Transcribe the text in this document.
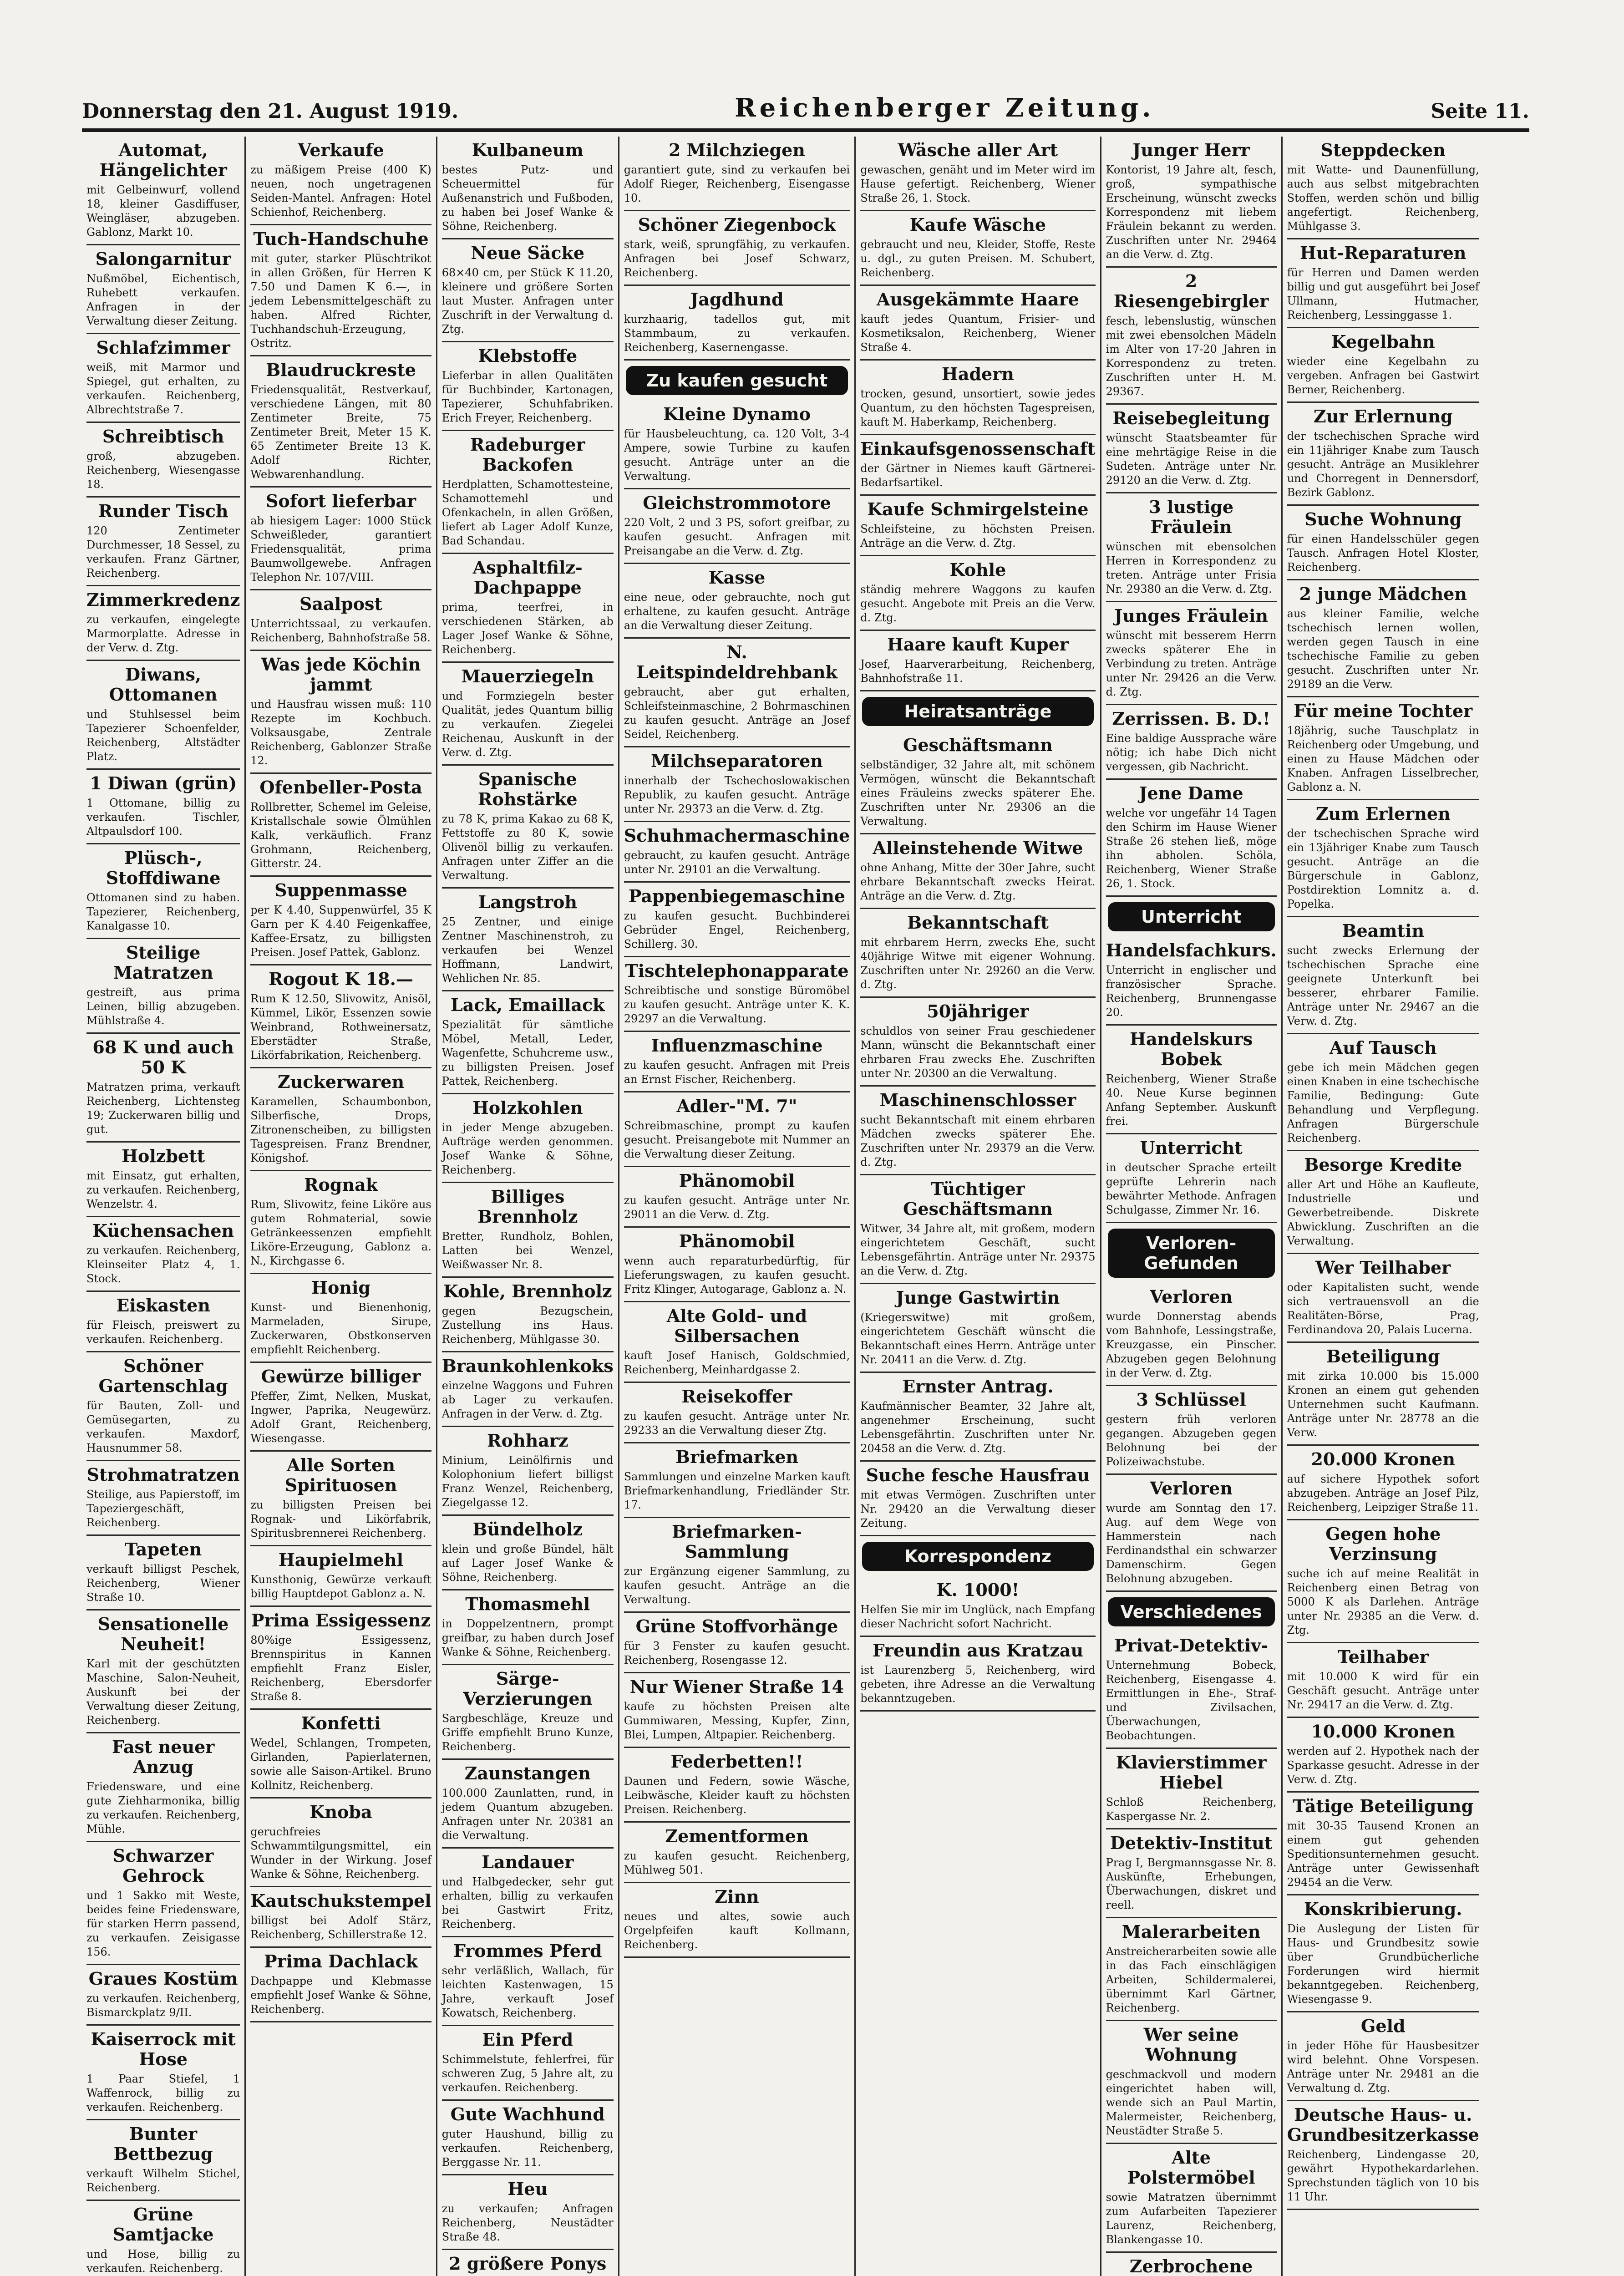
Donnerstag den 21. August 1919.	Reichenberger Zeitung.	Seite 11.
Automat, Hängelichter
mit Gelbeinwurf, vollend 18, kleiner Gasdiffuser, Weingläser, abzugeben. Gablonz, Markt 10.
Salongarnitur
Nußmöbel, Eichentisch, Ruhebett verkaufen. Anfragen in der Verwaltung dieser Zeitung.
Schlafzimmer
weiß, mit Marmor und Spiegel, gut erhalten, zu verkaufen. Reichenberg, Albrechtstraße 7.
Schreibtisch
groß, abzugeben. Reichenberg, Wiesengasse 18.
Runder Tisch
120 Zentimeter Durchmesser, 18 Sessel, zu verkaufen. Franz Gärtner, Reichenberg.
Zimmerkredenz
zu verkaufen, eingelegte Marmorplatte. Adresse in der Verw. d. Ztg.
Diwans, Ottomanen
und Stuhlsessel beim Tapezierer Schoenfelder, Reichenberg, Altstädter Platz.
1 Diwan (grün)
1 Ottomane, billig zu verkaufen. Tischler, Altpaulsdorf 100.
Plüsch-, Stoffdiwane
Ottomanen sind zu haben. Tapezierer, Reichenberg, Kanalgasse 10.
Steilige Matratzen
gestreift, aus prima Leinen, billig abzugeben. Mühlstraße 4.
68 K und auch 50 K
Matratzen prima, verkauft Reichenberg, Lichtensteg 19; Zuckerwaren billig und gut.
Holzbett
mit Einsatz, gut erhalten, zu verkaufen. Reichenberg, Wenzelstr. 4.
Küchensachen
zu verkaufen. Reichenberg, Kleinseiter Platz 4, 1. Stock.
Eiskasten
für Fleisch, preiswert zu verkaufen. Reichenberg.
Schöner Gartenschlag
für Bauten, Zoll- und Gemüsegarten, zu verkaufen. Maxdorf, Hausnummer 58.
Strohmatratzen
Steilige, aus Papierstoff, im Tapeziergeschäft, Reichenberg.
Tapeten
verkauft billigst Peschek, Reichenberg, Wiener Straße 10.
Sensationelle Neuheit!
Karl mit der geschützten Maschine, Salon-Neuheit, Auskunft bei der Verwaltung dieser Zeitung, Reichenberg.
Fast neuer Anzug
Friedensware, und eine gute Ziehharmonika, billig zu verkaufen. Reichenberg, Mühle.
Schwarzer Gehrock
und 1 Sakko mit Weste, beides feine Friedensware, für starken Herrn passend, zu verkaufen. Zeisigasse 156.
Graues Kostüm
zu verkaufen. Reichenberg, Bismarckplatz 9/II.
Kaiserrock mit Hose
1 Paar Stiefel, 1 Waffenrock, billig zu verkaufen. Reichenberg.
Bunter Bettbezug
verkauft Wilhelm Stichel, Reichenberg.
Grüne Samtjacke
und Hose, billig zu verkaufen. Reichenberg.
Verkaufe
zu mäßigem Preise (400 K) neuen, noch ungetragenen Seiden-Mantel. Anfragen: Hotel Schienhof, Reichenberg.
Tuch-Handschuhe
mit guter, starker Plüschtrikot in allen Größen, für Herren K 7.50 und Damen K 6.—, in jedem Lebensmittelgeschäft zu haben. Alfred Richter, Tuchhandschuh-Erzeugung, Ostritz.
Blaudruckreste
Friedensqualität, Restverkauf, verschiedene Längen, mit 80 Zentimeter Breite, 75 Zentimeter Breit, Meter 15 K. 65 Zentimeter Breite 13 K. Adolf Richter, Webwarenhandlung.
Sofort lieferbar
ab hiesigem Lager: 1000 Stück Schweißleder, garantiert Friedensqualität, prima Baumwollgewebe. Anfragen Telephon Nr. 107/VIII.
Saalpost
Unterrichtssaal, zu verkaufen. Reichenberg, Bahnhofstraße 58.
Was jede Köchin jammt
und Hausfrau wissen muß: 110 Rezepte im Kochbuch. Volksausgabe, Zentrale Reichenberg, Gablonzer Straße 12.
Ofenbeller-Posta
Rollbretter, Schemel im Geleise, Kristallschale sowie Ölmühlen Kalk, verkäuflich. Franz Grohmann, Reichenberg, Gitterstr. 24.
Suppenmasse
per K 4.40, Suppenwürfel, 35 K Garn per K 4.40 Feigenkaffee, Kaffee-Ersatz, zu billigsten Preisen. Josef Pattek, Gablonz.
Rogout K 18.—
Rum K 12.50, Slivowitz, Anisöl, Kümmel, Likör, Essenzen sowie Weinbrand, Rothweinersatz, Eberstädter Straße, Likörfabrikation, Reichenberg.
Zuckerwaren
Karamellen, Schaumbonbon, Silberfische, Drops, Zitronenscheiben, zu billigsten Tagespreisen. Franz Brendner, Königshof.
Rognak
Rum, Slivowitz, feine Liköre aus gutem Rohmaterial, sowie Getränkeessenzen empfiehlt Liköre-Erzeugung, Gablonz a. N., Kirchgasse 6.
Honig
Kunst- und Bienenhonig, Marmeladen, Sirupe, Zuckerwaren, Obstkonserven empfiehlt Reichenberg.
Gewürze billiger
Pfeffer, Zimt, Nelken, Muskat, Ingwer, Paprika, Neugewürz. Adolf Grant, Reichenberg, Wiesengasse.
Alle Sorten Spirituosen
zu billigsten Preisen bei Rognak- und Likörfabrik, Spiritusbrennerei Reichenberg.
Haupielmehl
Kunsthonig, Gewürze verkauft billig Hauptdepot Gablonz a. N.
Prima Essigessenz
80%ige Essigessenz, Brennspiritus in Kannen empfiehlt Franz Eisler, Reichenberg, Ebersdorfer Straße 8.
Konfetti
Wedel, Schlangen, Trompeten, Girlanden, Papierlaternen, sowie alle Saison-Artikel. Bruno Kollnitz, Reichenberg.
Knoba
geruchfreies Schwammtilgungsmittel, ein Wunder in der Wirkung. Josef Wanke & Söhne, Reichenberg.
Kautschukstempel
billigst bei Adolf Stärz, Reichenberg, Schillerstraße 12.
Prima Dachlack
Dachpappe und Klebmasse empfiehlt Josef Wanke & Söhne, Reichenberg.
Kulbaneum
bestes Putz- und Scheuermittel für Außenanstrich und Fußboden, zu haben bei Josef Wanke & Söhne, Reichenberg.
Neue Säcke
68×40 cm, per Stück K 11.20, kleinere und größere Sorten laut Muster. Anfragen unter Zuschrift in der Verwaltung d. Ztg.
Klebstoffe
Lieferbar in allen Qualitäten für Buchbinder, Kartonagen, Tapezierer, Schuhfabriken. Erich Freyer, Reichenberg.
Radeburger Backofen
Herdplatten, Schamottesteine, Schamottemehl und Ofenkacheln, in allen Größen, liefert ab Lager Adolf Kunze, Bad Schandau.
Asphaltfilz-Dachpappe
prima, teerfrei, in verschiedenen Stärken, ab Lager Josef Wanke & Söhne, Reichenberg.
Mauerziegeln
und Formziegeln bester Qualität, jedes Quantum billig zu verkaufen. Ziegelei Reichenau, Auskunft in der Verw. d. Ztg.
Spanische Rohstärke
zu 78 K, prima Kakao zu 68 K, Fettstoffe zu 80 K, sowie Olivenöl billig zu verkaufen. Anfragen unter Ziffer an die Verwaltung.
Langstroh
25 Zentner, und einige Zentner Maschinenstroh, zu verkaufen bei Wenzel Hoffmann, Landwirt, Wehlichen Nr. 85.
Lack, Emaillack
Spezialität für sämtliche Möbel, Metall, Leder, Wagenfette, Schuhcreme usw., zu billigsten Preisen. Josef Pattek, Reichenberg.
Holzkohlen
in jeder Menge abzugeben. Aufträge werden genommen. Josef Wanke & Söhne, Reichenberg.
Billiges Brennholz
Bretter, Rundholz, Bohlen, Latten bei Wenzel, Weißwasser Nr. 8.
Kohle, Brennholz
gegen Bezugschein, Zustellung ins Haus. Reichenberg, Mühlgasse 30.
Braunkohlenkoks
einzelne Waggons und Fuhren ab Lager zu verkaufen. Anfragen in der Verw. d. Ztg.
Rohharz
Minium, Leinölfirnis und Kolophonium liefert billigst Franz Wenzel, Reichenberg, Ziegelgasse 12.
Bündelholz
klein und große Bündel, hält auf Lager Josef Wanke & Söhne, Reichenberg.
Thomasmehl
in Doppelzentnern, prompt greifbar, zu haben durch Josef Wanke & Söhne, Reichenberg.
Särge-Verzierungen
Sargbeschläge, Kreuze und Griffe empfiehlt Bruno Kunze, Reichenberg.
Zaunstangen
100.000 Zaunlatten, rund, in jedem Quantum abzugeben. Anfragen unter Nr. 20381 an die Verwaltung.
Landauer
und Halbgedecker, sehr gut erhalten, billig zu verkaufen bei Gastwirt Fritz, Reichenberg.
Frommes Pferd
sehr verläßlich, Wallach, für leichten Kastenwagen, 15 Jahre, verkauft Josef Kowatsch, Reichenberg.
Ein Pferd
Schimmelstute, fehlerfrei, für schweren Zug, 5 Jahre alt, zu verkaufen. Reichenberg.
Gute Wachhund
guter Haushund, billig zu verkaufen. Reichenberg, Berggasse Nr. 11.
Heu
zu verkaufen; Anfragen Reichenberg, Neustädter Straße 48.
2 größere Ponys
2 Milchziegen
garantiert gute, sind zu verkaufen bei Adolf Rieger, Reichenberg, Eisengasse 10.
Schöner Ziegenbock
stark, weiß, sprungfähig, zu verkaufen. Anfragen bei Josef Schwarz, Reichenberg.
Jagdhund
kurzhaarig, tadellos gut, mit Stammbaum, zu verkaufen. Reichenberg, Kasernengasse.
Zu kaufen gesucht
Kleine Dynamo
für Hausbeleuchtung, ca. 120 Volt, 3-4 Ampere, sowie Turbine zu kaufen gesucht. Anträge unter an die Verwaltung.
Gleichstrommotore
220 Volt, 2 und 3 PS, sofort greifbar, zu kaufen gesucht. Anfragen mit Preisangabe an die Verw. d. Ztg.
Kasse
eine neue, oder gebrauchte, noch gut erhaltene, zu kaufen gesucht. Anträge an die Verwaltung dieser Zeitung.
N. Leitspindeldrehbank
gebraucht, aber gut erhalten, Schleifsteinmaschine, 2 Bohrmaschinen zu kaufen gesucht. Anträge an Josef Seidel, Reichenberg.
Milchseparatoren
innerhalb der Tschechoslowakischen Republik, zu kaufen gesucht. Anträge unter Nr. 29373 an die Verw. d. Ztg.
Schuhmachermaschine
gebraucht, zu kaufen gesucht. Anträge unter Nr. 29101 an die Verwaltung.
Pappenbiegemaschine
zu kaufen gesucht. Buchbinderei Gebrüder Engel, Reichenberg, Schillerg. 30.
Tischtelephonapparate
Schreibtische und sonstige Büromöbel zu kaufen gesucht. Anträge unter K. K. 29297 an die Verwaltung.
Influenzmaschine
zu kaufen gesucht. Anfragen mit Preis an Ernst Fischer, Reichenberg.
Adler-"M. 7"
Schreibmaschine, prompt zu kaufen gesucht. Preisangebote mit Nummer an die Verwaltung dieser Zeitung.
Phänomobil
zu kaufen gesucht. Anträge unter Nr. 29011 an die Verw. d. Ztg.
Phänomobil
wenn auch reparaturbedürftig, für Lieferungswagen, zu kaufen gesucht. Fritz Klinger, Autogarage, Gablonz a. N.
Alte Gold- und Silbersachen
kauft Josef Hanisch, Goldschmied, Reichenberg, Meinhardgasse 2.
Reisekoffer
zu kaufen gesucht. Anträge unter Nr. 29233 an die Verwaltung dieser Ztg.
Briefmarken
Sammlungen und einzelne Marken kauft Briefmarkenhandlung, Friedländer Str. 17.
Briefmarken-Sammlung
zur Ergänzung eigener Sammlung, zu kaufen gesucht. Anträge an die Verwaltung.
Grüne Stoffvorhänge
für 3 Fenster zu kaufen gesucht. Reichenberg, Rosengasse 12.
Nur Wiener Straße 14
kaufe zu höchsten Preisen alte Gummiwaren, Messing, Kupfer, Zinn, Blei, Lumpen, Altpapier. Reichenberg.
Federbetten!!
Daunen und Federn, sowie Wäsche, Leibwäsche, Kleider kauft zu höchsten Preisen. Reichenberg.
Zementformen
zu kaufen gesucht. Reichenberg, Mühlweg 501.
Zinn
neues und altes, sowie auch Orgelpfeifen kauft Kollmann, Reichenberg.
Wäsche aller Art
gewaschen, genäht und im Meter wird im Hause gefertigt. Reichenberg, Wiener Straße 26, 1. Stock.
Kaufe Wäsche
gebraucht und neu, Kleider, Stoffe, Reste u. dgl., zu guten Preisen. M. Schubert, Reichenberg.
Ausgekämmte Haare
kauft jedes Quantum, Frisier- und Kosmetiksalon, Reichenberg, Wiener Straße 4.
Hadern
trocken, gesund, unsortiert, sowie jedes Quantum, zu den höchsten Tagespreisen, kauft M. Haberkamp, Reichenberg.
Einkaufsgenossenschaft
der Gärtner in Niemes kauft Gärtnerei-Bedarfsartikel.
Kaufe Schmirgelsteine
Schleifsteine, zu höchsten Preisen. Anträge an die Verw. d. Ztg.
Kohle
ständig mehrere Waggons zu kaufen gesucht. Angebote mit Preis an die Verw. d. Ztg.
Haare kauft Kuper
Josef, Haarverarbeitung, Reichenberg, Bahnhofstraße 11.
Heiratsanträge
Geschäftsmann
selbständiger, 32 Jahre alt, mit schönem Vermögen, wünscht die Bekanntschaft eines Fräuleins zwecks späterer Ehe. Zuschriften unter Nr. 29306 an die Verwaltung.
Alleinstehende Witwe
ohne Anhang, Mitte der 30er Jahre, sucht ehrbare Bekanntschaft zwecks Heirat. Anträge an die Verw. d. Ztg.
Bekanntschaft
mit ehrbarem Herrn, zwecks Ehe, sucht 40jährige Witwe mit eigener Wohnung. Zuschriften unter Nr. 29260 an die Verw. d. Ztg.
50jähriger
schuldlos von seiner Frau geschiedener Mann, wünscht die Bekanntschaft einer ehrbaren Frau zwecks Ehe. Zuschriften unter Nr. 20300 an die Verwaltung.
Maschinenschlosser
sucht Bekanntschaft mit einem ehrbaren Mädchen zwecks späterer Ehe. Zuschriften unter Nr. 29379 an die Verw. d. Ztg.
Tüchtiger Geschäftsmann
Witwer, 34 Jahre alt, mit großem, modern eingerichtetem Geschäft, sucht Lebensgefährtin. Anträge unter Nr. 29375 an die Verw. d. Ztg.
Junge Gastwirtin
(Kriegerswitwe) mit großem, eingerichtetem Geschäft wünscht die Bekanntschaft eines Herrn. Anträge unter Nr. 20411 an die Verw. d. Ztg.
Ernster Antrag.
Kaufmännischer Beamter, 32 Jahre alt, angenehmer Erscheinung, sucht Lebensgefährtin. Zuschriften unter Nr. 20458 an die Verw. d. Ztg.
Suche fesche Hausfrau
mit etwas Vermögen. Zuschriften unter Nr. 29420 an die Verwaltung dieser Zeitung.
Korrespondenz
K. 1000!
Helfen Sie mir im Unglück, nach Empfang dieser Nachricht sofort Nachricht.
Freundin aus Kratzau
ist Laurenzberg 5, Reichenberg, wird gebeten, ihre Adresse an die Verwaltung bekanntzugeben.
Junger Herr
Kontorist, 19 Jahre alt, fesch, groß, sympathische Erscheinung, wünscht zwecks Korrespondenz mit liebem Fräulein bekannt zu werden. Zuschriften unter Nr. 29464 an die Verw. d. Ztg.
2 Riesengebirgler
fesch, lebenslustig, wünschen mit zwei ebensolchen Mädeln im Alter von 17-20 Jahren in Korrespondenz zu treten. Zuschriften unter H. M. 29367.
Reisebegleitung
wünscht Staatsbeamter für eine mehrtägige Reise in die Sudeten. Anträge unter Nr. 29120 an die Verw. d. Ztg.
3 lustige Fräulein
wünschen mit ebensolchen Herren in Korrespondenz zu treten. Anträge unter Frisia Nr. 29380 an die Verw. d. Ztg.
Junges Fräulein
wünscht mit besserem Herrn zwecks späterer Ehe in Verbindung zu treten. Anträge unter Nr. 29426 an die Verw. d. Ztg.
Zerrissen. B. D.!
Eine baldige Aussprache wäre nötig; ich habe Dich nicht vergessen, gib Nachricht.
Jene Dame
welche vor ungefähr 14 Tagen den Schirm im Hause Wiener Straße 26 stehen ließ, möge ihn abholen. Schöla, Reichenberg, Wiener Straße 26, 1. Stock.
Unterricht
Handelsfachkurs.
Unterricht in englischer und französischer Sprache. Reichenberg, Brunnengasse 20.
Handelskurs Bobek
Reichenberg, Wiener Straße 40. Neue Kurse beginnen Anfang September. Auskunft frei.
Unterricht
in deutscher Sprache erteilt geprüfte Lehrerin nach bewährter Methode. Anfragen Schulgasse, Zimmer Nr. 16.
Verloren-Gefunden
Verloren
wurde Donnerstag abends vom Bahnhofe, Lessingstraße, Kreuzgasse, ein Pinscher. Abzugeben gegen Belohnung in der Verw. d. Ztg.
3 Schlüssel
gestern früh verloren gegangen. Abzugeben gegen Belohnung bei der Polizeiwachstube.
Verloren
wurde am Sonntag den 17. Aug. auf dem Wege von Hammerstein nach Ferdinandsthal ein schwarzer Damenschirm. Gegen Belohnung abzugeben.
Verschiedenes
Privat-Detektiv-
Unternehmung Bobeck, Reichenberg, Eisengasse 4. Ermittlungen in Ehe-, Straf- und Zivilsachen, Überwachungen, Beobachtungen.
Klavierstimmer Hiebel
Schloß Reichenberg, Kaspergasse Nr. 2.
Detektiv-Institut
Prag I, Bergmannsgasse Nr. 8. Auskünfte, Erhebungen, Überwachungen, diskret und reell.
Malerarbeiten
Anstreicherarbeiten sowie alle in das Fach einschlägigen Arbeiten, Schildermalerei, übernimmt Karl Gärtner, Reichenberg.
Wer seine Wohnung
geschmackvoll und modern eingerichtet haben will, wende sich an Paul Martin, Malermeister, Reichenberg, Neustädter Straße 5.
Alte Polstermöbel
sowie Matratzen übernimmt zum Aufarbeiten Tapezierer Laurenz, Reichenberg, Blankengasse 10.
Zerbrochene
Steppdecken
mit Watte- und Daunenfüllung, auch aus selbst mitgebrachten Stoffen, werden schön und billig angefertigt. Reichenberg, Mühlgasse 3.
Hut-Reparaturen
für Herren und Damen werden billig und gut ausgeführt bei Josef Ullmann, Hutmacher, Reichenberg, Lessinggasse 1.
Kegelbahn
wieder eine Kegelbahn zu vergeben. Anfragen bei Gastwirt Berner, Reichenberg.
Zur Erlernung
der tschechischen Sprache wird ein 11jähriger Knabe zum Tausch gesucht. Anträge an Musiklehrer und Chorregent in Dennersdorf, Bezirk Gablonz.
Suche Wohnung
für einen Handelsschüler gegen Tausch. Anfragen Hotel Kloster, Reichenberg.
2 junge Mädchen
aus kleiner Familie, welche tschechisch lernen wollen, werden gegen Tausch in eine tschechische Familie zu geben gesucht. Zuschriften unter Nr. 29189 an die Verw.
Für meine Tochter
18jährig, suche Tauschplatz in Reichenberg oder Umgebung, und einen zu Hause Mädchen oder Knaben. Anfragen Lisselbrecher, Gablonz a. N.
Zum Erlernen
der tschechischen Sprache wird ein 13jähriger Knabe zum Tausch gesucht. Anträge an die Bürgerschule in Gablonz, Postdirektion Lomnitz a. d. Popelka.
Beamtin
sucht zwecks Erlernung der tschechischen Sprache eine geeignete Unterkunft bei besserer, ehrbarer Familie. Anträge unter Nr. 29467 an die Verw. d. Ztg.
Auf Tausch
gebe ich mein Mädchen gegen einen Knaben in eine tschechische Familie, Bedingung: Gute Behandlung und Verpflegung. Anfragen Bürgerschule Reichenberg.
Besorge Kredite
aller Art und Höhe an Kaufleute, Industrielle und Gewerbetreibende. Diskrete Abwicklung. Zuschriften an die Verwaltung.
Wer Teilhaber
oder Kapitalisten sucht, wende sich vertrauensvoll an die Realitäten-Börse, Prag, Ferdinandova 20, Palais Lucerna.
Beteiligung
mit zirka 10.000 bis 15.000 Kronen an einem gut gehenden Unternehmen sucht Kaufmann. Anträge unter Nr. 28778 an die Verw.
20.000 Kronen
auf sichere Hypothek sofort abzugeben. Anträge an Josef Pilz, Reichenberg, Leipziger Straße 11.
Gegen hohe Verzinsung
suche ich auf meine Realität in Reichenberg einen Betrag von 5000 K als Darlehen. Anträge unter Nr. 29385 an die Verw. d. Ztg.
Teilhaber
mit 10.000 K wird für ein Geschäft gesucht. Anträge unter Nr. 29417 an die Verw. d. Ztg.
10.000 Kronen
werden auf 2. Hypothek nach der Sparkasse gesucht. Adresse in der Verw. d. Ztg.
Tätige Beteiligung
mit 30-35 Tausend Kronen an einem gut gehenden Speditionsunternehmen gesucht. Anträge unter Gewissenhaft 29454 an die Verw.
Konskribierung.
Die Auslegung der Listen für Haus- und Grundbesitz sowie über Grundbücherliche Forderungen wird hiermit bekanntgegeben. Reichenberg, Wiesengasse 9.
Geld
in jeder Höhe für Hausbesitzer wird belehnt. Ohne Vorspesen. Anträge unter Nr. 29481 an die Verwaltung d. Ztg.
Deutsche Haus- u. Grundbesitzerkasse
Reichenberg, Lindengasse 20, gewährt Hypothekardarlehen. Sprechstunden täglich von 10 bis 11 Uhr.
